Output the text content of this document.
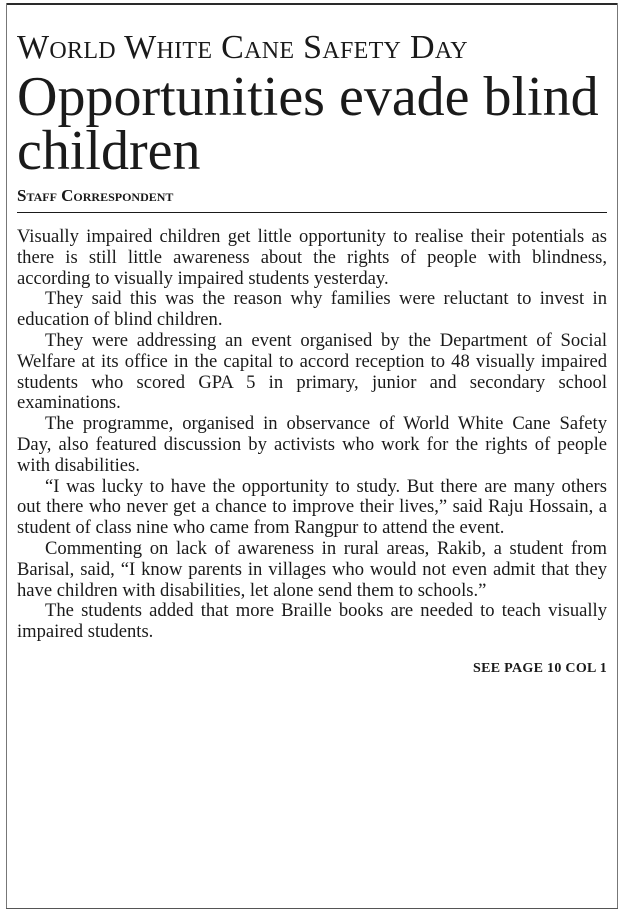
World White Cane Safety Day
Opportunities evade blind children
Staff Correspondent

Visually impaired children get little opportunity to realise their potentials as there is still little awareness about the rights of people with blindness, according to visually impaired students yesterday.

They said this was the reason why families were reluctant to invest in education of blind children.

They were addressing an event organised by the Department of Social Welfare at its office in the capital to accord reception to 48 visually impaired students who scored GPA 5 in primary, junior and secondary school examinations.

The programme, organised in observance of World White Cane Safety Day, also featured discussion by activists who work for the rights of people with disabilities.

“I was lucky to have the opportunity to study. But there are many others out there who never get a chance to improve their lives,” said Raju Hossain, a student of class nine who came from Rangpur to attend the event.

Commenting on lack of awareness in rural areas, Rakib, a student from Barisal, said, “I know parents in villages who would not even admit that they have children with disabilities, let alone send them to schools.”

The students added that more Braille books are needed to teach visually impaired students.

SEE PAGE 10 COL 1
